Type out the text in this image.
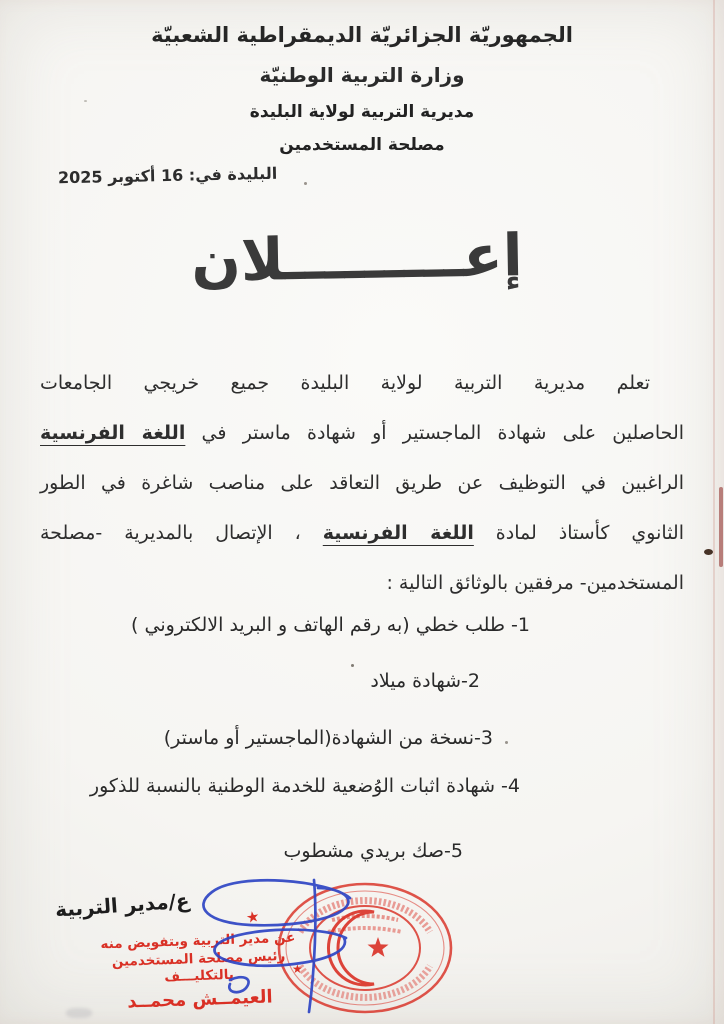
الجمهوريّة الجزائريّة الديمقراطية الشعبيّة
وزارة التربية الوطنيّة
مديرية التربية لولاية البليدة
مصلحة المستخدمين
البليدة في: 16 أكتوبر 2025
إعـــــــــلان
تعلم مديرية التربية لولاية البليدة جميع خريجي الجامعات
الحاصلين على شهادة الماجستير أو شهادة ماستر في اللغة الفرنسية
الراغبين في التوظيف عن طريق التعاقد على مناصب شاغرة في الطور
الثانوي كأستاذ لمادة اللغة الفرنسية ، الإتصال بالمديرية -مصلحة
المستخدمين- مرفقين بالوثائق التالية :
1- طلب خطي (به رقم الهاتف و البريد الالكتروني )
2-شهادة ميلاد
3-نسخة من الشهادة(الماجستير أو ماستر)
4- شهادة اثبات الوُضعية للخدمة الوطنية بالنسبة للذكور
5-صك بريدي مشطوب
ع/مدير التربية
عن مدير التربية وبتفويض منه
رئيس مصلحة المستخدمين
بالتكليـــف
العيمــش محمــد
★
★
